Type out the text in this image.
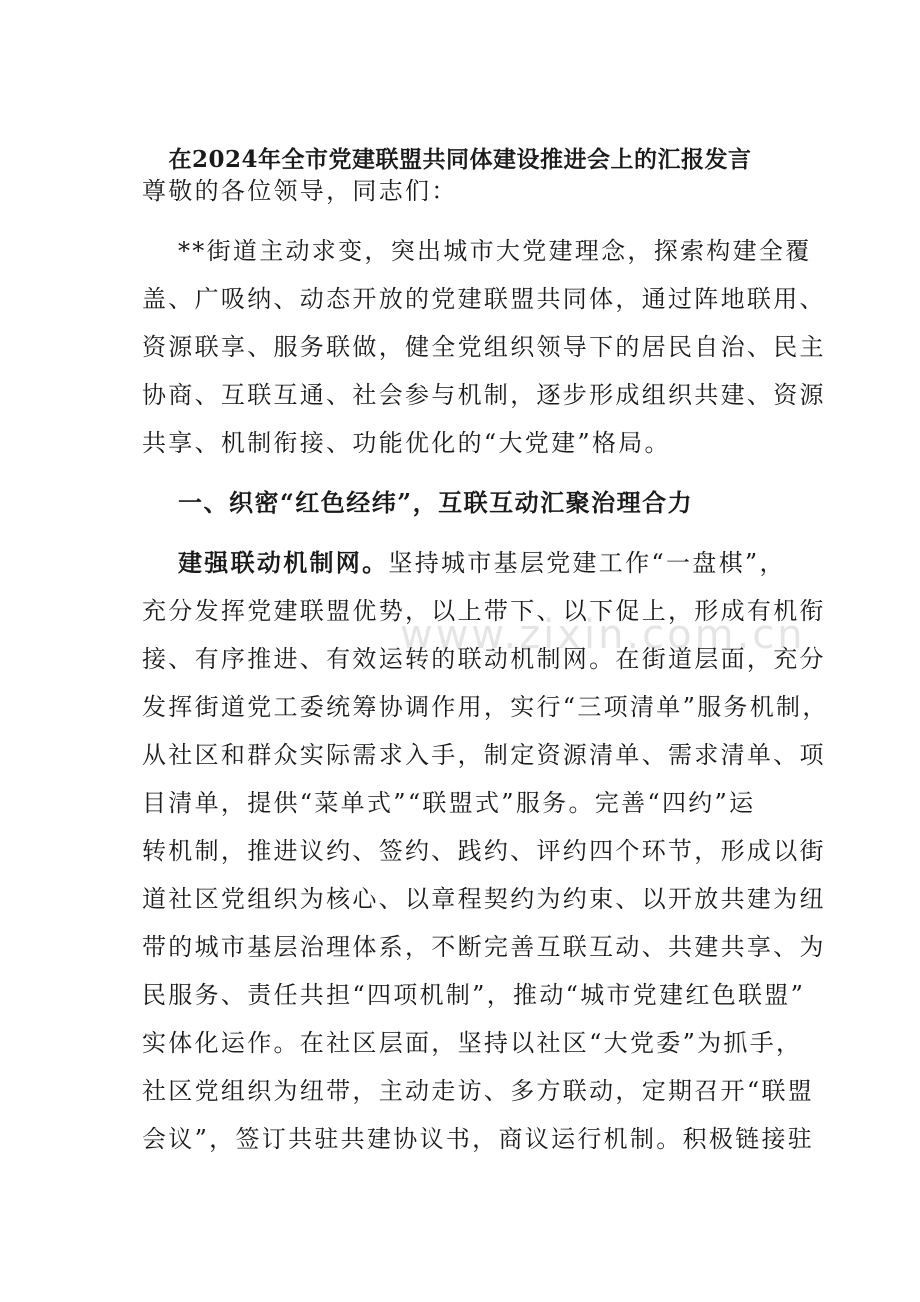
在2024年全市党建联盟共同体建设推进会上的汇报发言
尊敬的各位领导，同志们：
**街道主动求变，突出城市大党建理念，探索构建全覆
盖、广吸纳、动态开放的党建联盟共同体，通过阵地联用、
资源联享、服务联做，健全党组织领导下的居民自治、民主
协商、互联互通、社会参与机制，逐步形成组织共建、资源
共享、机制衔接、功能优化的“大党建”格局。
一、织密“红色经纬”，互联互动汇聚治理合力
建强联动机制网。坚持城市基层党建工作“一盘棋”，
充分发挥党建联盟优势，以上带下、以下促上，形成有机衔
接、有序推进、有效运转的联动机制网。在街道层面，充分
发挥街道党工委统筹协调作用，实行“三项清单”服务机制，
从社区和群众实际需求入手，制定资源清单、需求清单、项
目清单，提供“菜单式”“联盟式”服务。完善“四约”运
转机制，推进议约、签约、践约、评约四个环节，形成以街
道社区党组织为核心、以章程契约为约束、以开放共建为纽
带的城市基层治理体系，不断完善互联互动、共建共享、为
民服务、责任共担“四项机制”，推动“城市党建红色联盟”
实体化运作。在社区层面，坚持以社区“大党委”为抓手，
社区党组织为纽带，主动走访、多方联动，定期召开“联盟
会议”，签订共驻共建协议书，商议运行机制。积极链接驻
www.zixin.com.cn
